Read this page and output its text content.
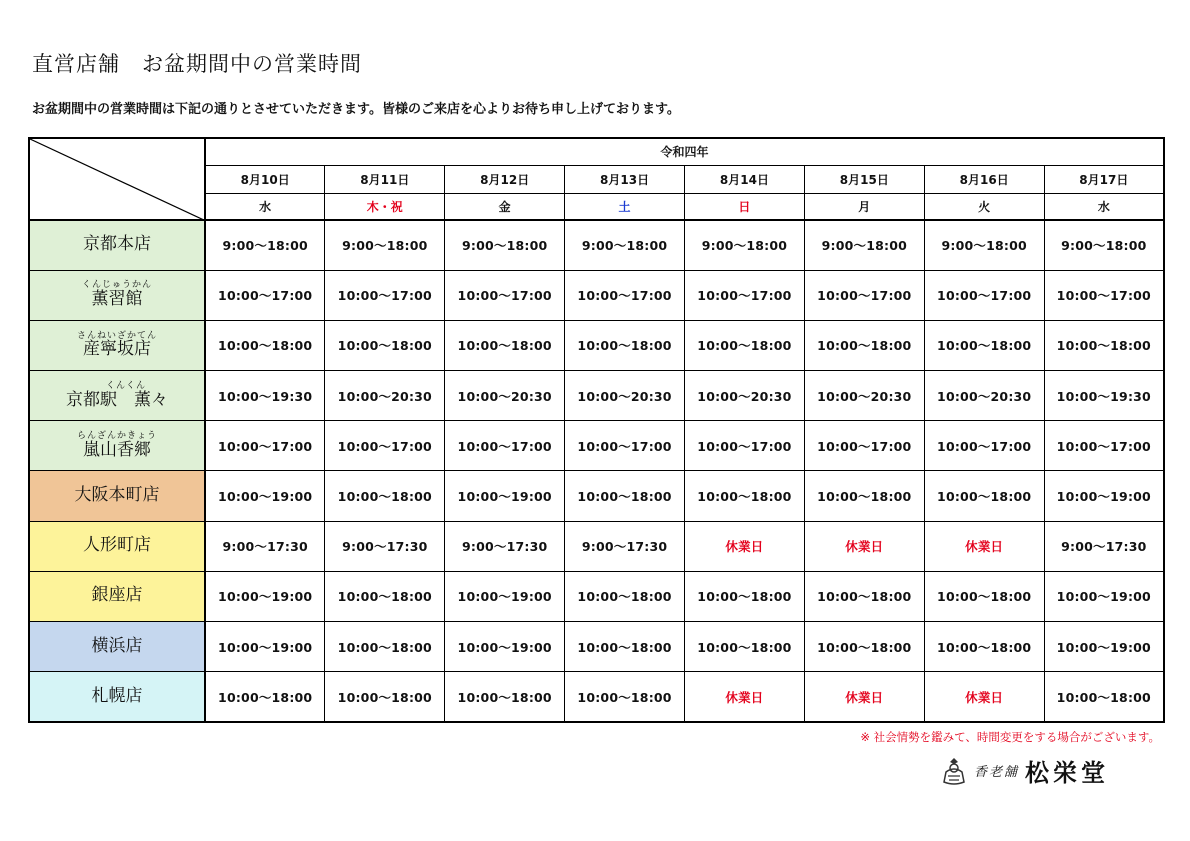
直営店舗　お盆期間中の営業時間
お盆期間中の営業時間は下記の通りとさせていただきます。皆様のご来店を心よりお待ち申し上げております。
	令和四年							
	8月10日	8月11日	8月12日	8月13日	8月14日	8月15日	8月16日	8月17日
	水	木・祝	金	土	日	月	火	水
京都本店	9:00〜18:00	9:00〜18:00	9:00〜18:00	9:00〜18:00	9:00〜18:00	9:00〜18:00	9:00〜18:00	9:00〜18:00

くんじゅうかん
薫習館	10:00〜17:00	10:00〜17:00	10:00〜17:00	10:00〜17:00	10:00〜17:00	10:00〜17:00	10:00〜17:00	10:00〜17:00

さんねいざかてん
産寧坂店	10:00〜18:00	10:00〜18:00	10:00〜18:00	10:00〜18:00	10:00〜18:00	10:00〜18:00	10:00〜18:00	10:00〜18:00

くんくん
京都駅　薫々	10:00〜19:30	10:00〜20:30	10:00〜20:30	10:00〜20:30	10:00〜20:30	10:00〜20:30	10:00〜20:30	10:00〜19:30

らんざんかきょう
嵐山香郷	10:00〜17:00	10:00〜17:00	10:00〜17:00	10:00〜17:00	10:00〜17:00	10:00〜17:00	10:00〜17:00	10:00〜17:00
大阪本町店	10:00〜19:00	10:00〜18:00	10:00〜19:00	10:00〜18:00	10:00〜18:00	10:00〜18:00	10:00〜18:00	10:00〜19:00
人形町店	9:00〜17:30	9:00〜17:30	9:00〜17:30	9:00〜17:30	休業日	休業日	休業日	9:00〜17:30
銀座店	10:00〜19:00	10:00〜18:00	10:00〜19:00	10:00〜18:00	10:00〜18:00	10:00〜18:00	10:00〜18:00	10:00〜19:00
横浜店	10:00〜19:00	10:00〜18:00	10:00〜19:00	10:00〜18:00	10:00〜18:00	10:00〜18:00	10:00〜18:00	10:00〜19:00
札幌店	10:00〜18:00	10:00〜18:00	10:00〜18:00	10:00〜18:00	休業日	休業日	休業日	10:00〜18:00
※ 社会情勢を鑑みて、時間変更をする場合がございます。
香老舗 松栄堂
